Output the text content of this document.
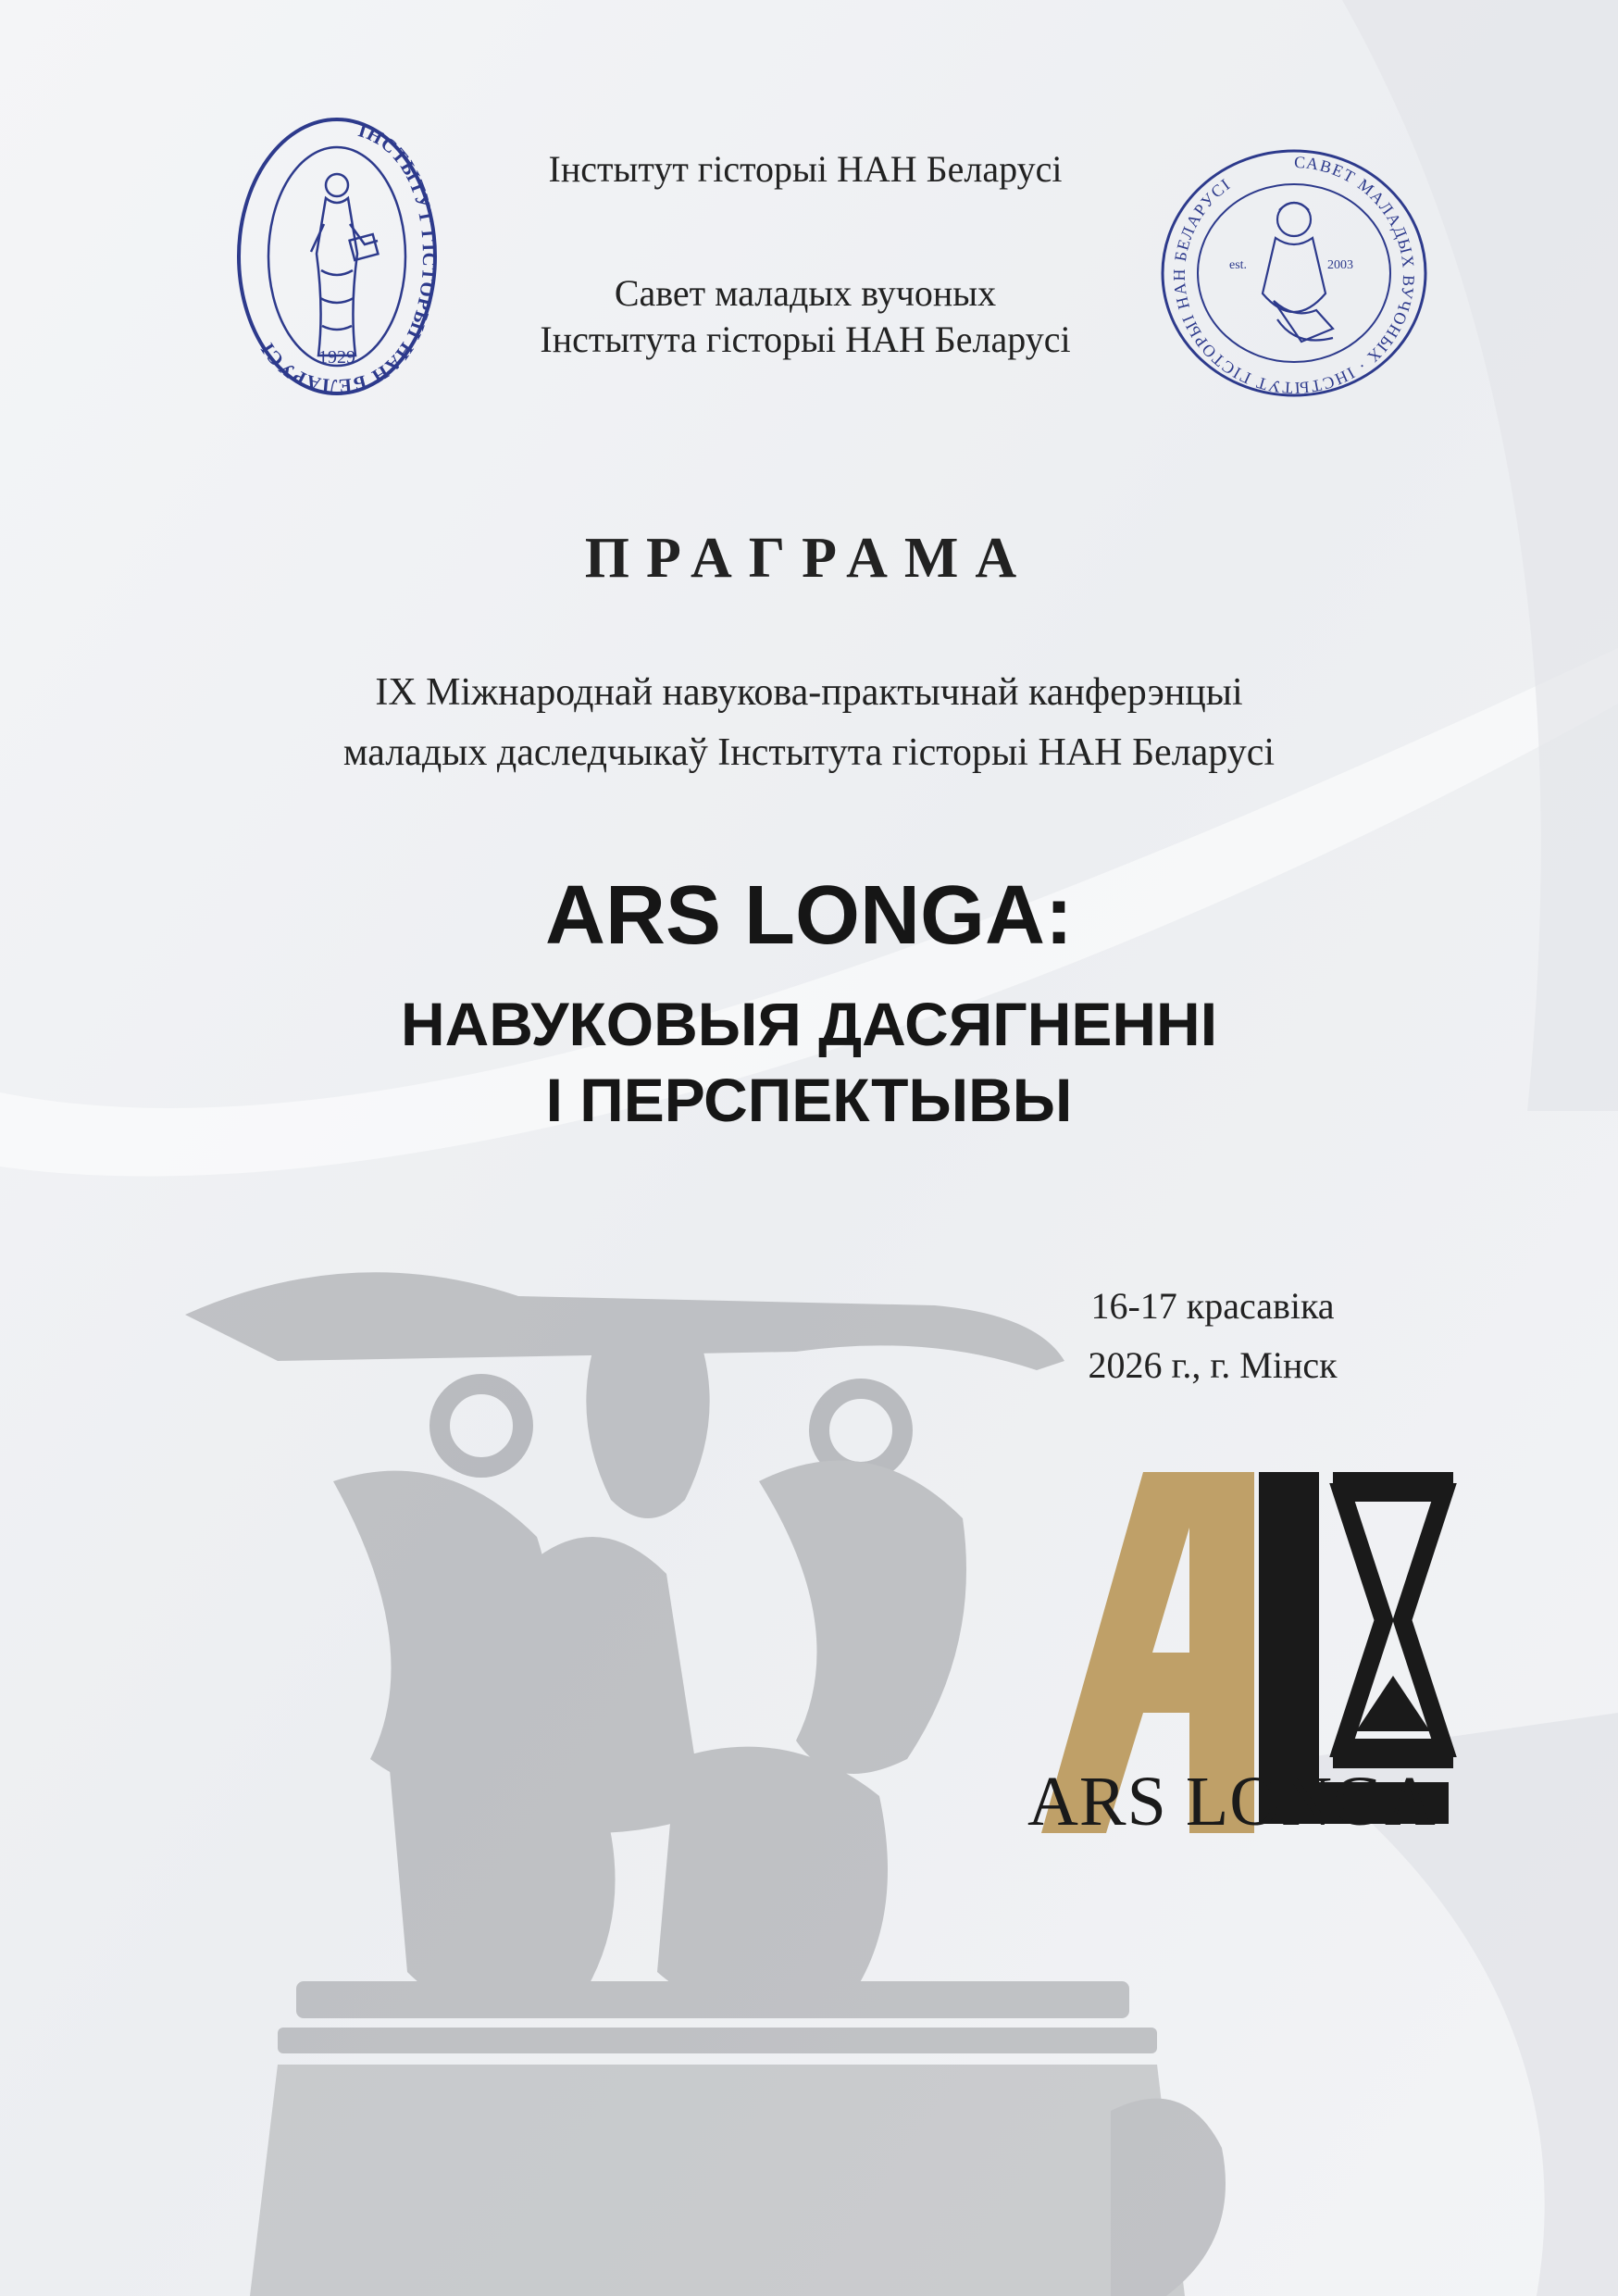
ІНСТЫТУТ ГІСТОРЫІ НАН БЕЛАРУСІ	1929
САВЕТ МАЛАДЫХ ВУЧОНЫХ · ІНСТЫТУТ ГІСТОРЫІ НАН БЕЛАРУСІ
est.	2003
Інстытут гісторыі НАН Беларусі
Савет маладых вучоных
Інстытута гісторыі НАН Беларусі
ПРАГРАМА
IX Міжнароднай навукова-практычнай канферэнцыі
маладых даследчыкаў Інстытута гісторыі НАН Беларусі
ARS LONGA:
НАВУКОВЫЯ ДАСЯГНЕННІ
І ПЕРСПЕКТЫВЫ
16-17 красавіка
2026 г., г. Мінск
ARS LONGA
